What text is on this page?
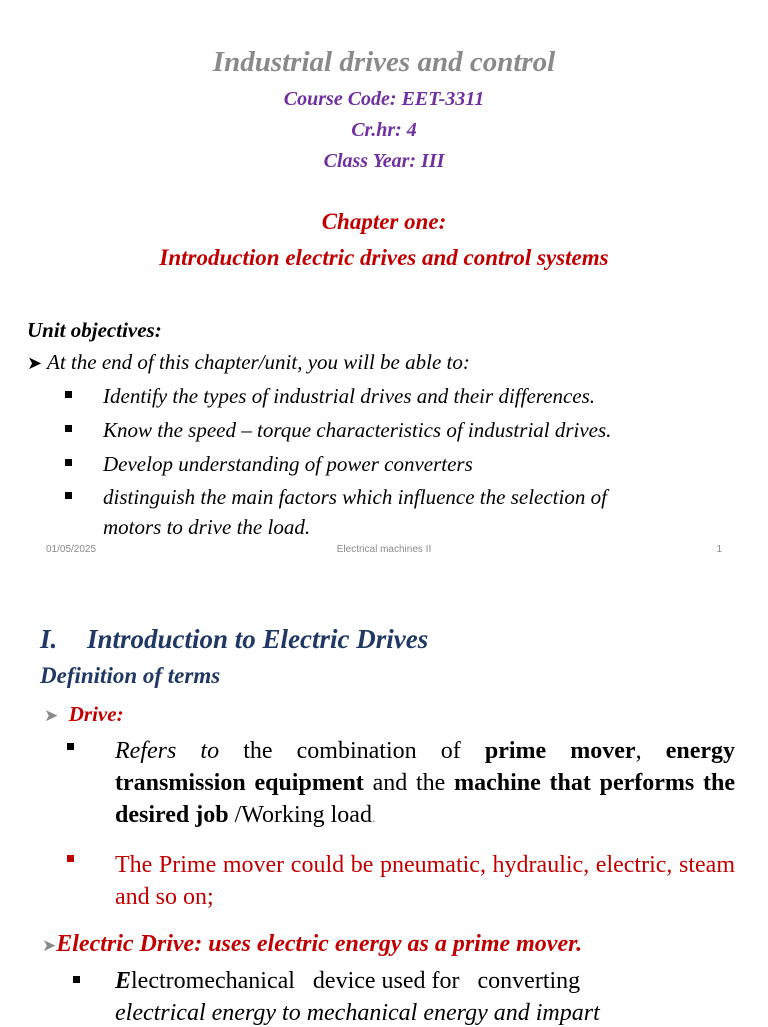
Industrial drives and control
Course Code: EET-3311
Cr.hr: 4
Class Year: III
Chapter one:
Introduction electric drives and control systems
Unit objectives:
➤ At the end of this chapter/unit, you will be able to:
Identify the types of industrial drives and their differences.
Know the speed – torque characteristics of industrial drives.
Develop understanding of power converters
distinguish the main factors which influence the selection of
motors to drive the load.
01/05/2025	Electrical machines II	1
I. Introduction to Electric Drives
Definition of terms
➤ Drive:
Refers to the combination of prime mover, energy transmission equipment and the machine that performs the desired job /Working load.
The Prime mover could be pneumatic, hydraulic, electric, steam and so on;
➤Electric Drive: uses electric energy as a prime mover.
Electromechanical   device used for   converting
electrical energy to mechanical energy and impart
